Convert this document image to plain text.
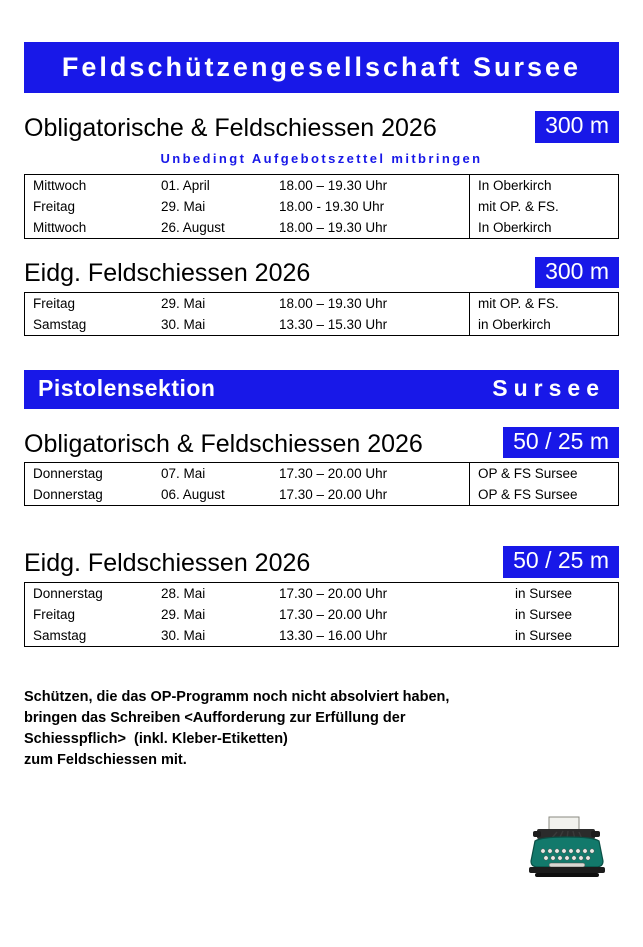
Feldschützengesellschaft Sursee
Obligatorische & Feldschiessen 2026	300 m
Unbedingt Aufgebotszettel mitbringen
Mittwoch	01. April	18.00 – 19.30 Uhr	In Oberkirch
Freitag	29. Mai	18.00 - 19.30 Uhr	mit OP. & FS.
Mittwoch	26. August	18.00 – 19.30 Uhr	In Oberkirch
Eidg. Feldschiessen 2026	300 m
Freitag	29. Mai	18.00 – 19.30 Uhr	mit OP. & FS.
Samstag	30. Mai	13.30 – 15.30 Uhr	in Oberkirch
Pistolensektion	Sursee
Obligatorisch & Feldschiessen 2026	50 / 25 m
Donnerstag	07. Mai	17.30 – 20.00 Uhr	OP & FS Sursee
Donnerstag	06. August	17.30 – 20.00 Uhr	OP & FS Sursee
Eidg. Feldschiessen 2026	50 / 25 m
Donnerstag	28. Mai	17.30 – 20.00 Uhr	in Sursee
Freitag	29. Mai	17.30 – 20.00 Uhr	in Sursee
Samstag	30. Mai	13.30 – 16.00 Uhr	in Sursee
Schützen, die das OP-Programm noch nicht absolviert haben,
bringen das Schreiben <Aufforderung zur Erfüllung der
Schiesspflich>  (inkl. Kleber-Etiketten)
zum Feldschiessen mit.
